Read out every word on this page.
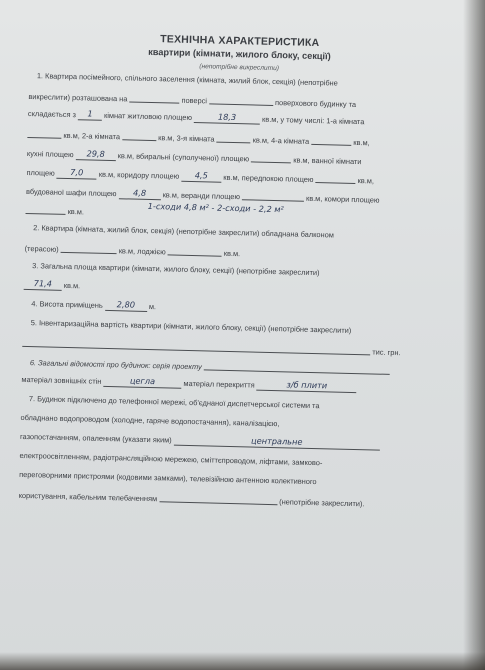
ТЕХНІЧНА ХАРАКТЕРИСТИКА

квартири (кімнати, жилого блоку, секції)

(непотрібне викреслити)

1. Квартира посімейного, спільного заселення (кімната, жилий блок, секція) (непотрібне
викреслити) розташована на	поверсі	поверхового будинку та
складається з 1 кімнат житловою площею	18,3	кв.м, у тому числі: 1-а кімната
кв.м, 2-а кімната	кв.м, 3-я кімната	кв.м, 4-а кімната	кв.м,
кухні площею 29,8 кв.м, вбиральні (суполученої) площею	кв.м, ванної кімнати
площею 7,0 кв.м, коридору площею 4,5 кв.м, передпокою площею	кв.м,
вбудованої шафи площею 4,8 кв.м, веранди площею	кв.м, комори площею
кв.м.	1-сходи 4,8 м² - 2-сходи - 2,2 м²
2. Квартира (кімната, жилий блок, секція) (непотрібне закреслити) обладнана балконом
(терасою)	кв.м, лоджією	кв.м.
3. Загальна площа квартири (кімнати, жилого блоку, секції) (непотрібне закреслити)
71,4 кв.м.
4. Висота приміщень 2,80 м.
5. Інвентаризаційна вартість квартири (кімнати, жилого блоку, секції) (непотрібне закреслити)
тис. грн.
6. Загальні відомості про будинок: серія проекту
матеріал зовнішніх стін	цегла	матеріал перекриття	з/б плити
7. Будинок підключено до телефонної мережі, об'єднаної диспетчерської системи та
обладнано водопроводом (холодне, гаряче водопостачання), каналізацією,
газопостачанням, опаленням (указати яким)	центральне
електроосвітленням, радіотрансляційною мережею, сміттєпроводом, ліфтами, замково-
переговорними пристроями (кодовими замками), телевізійною антенною колективного
користування, кабельним телебаченням	(непотрібне закреслити).
